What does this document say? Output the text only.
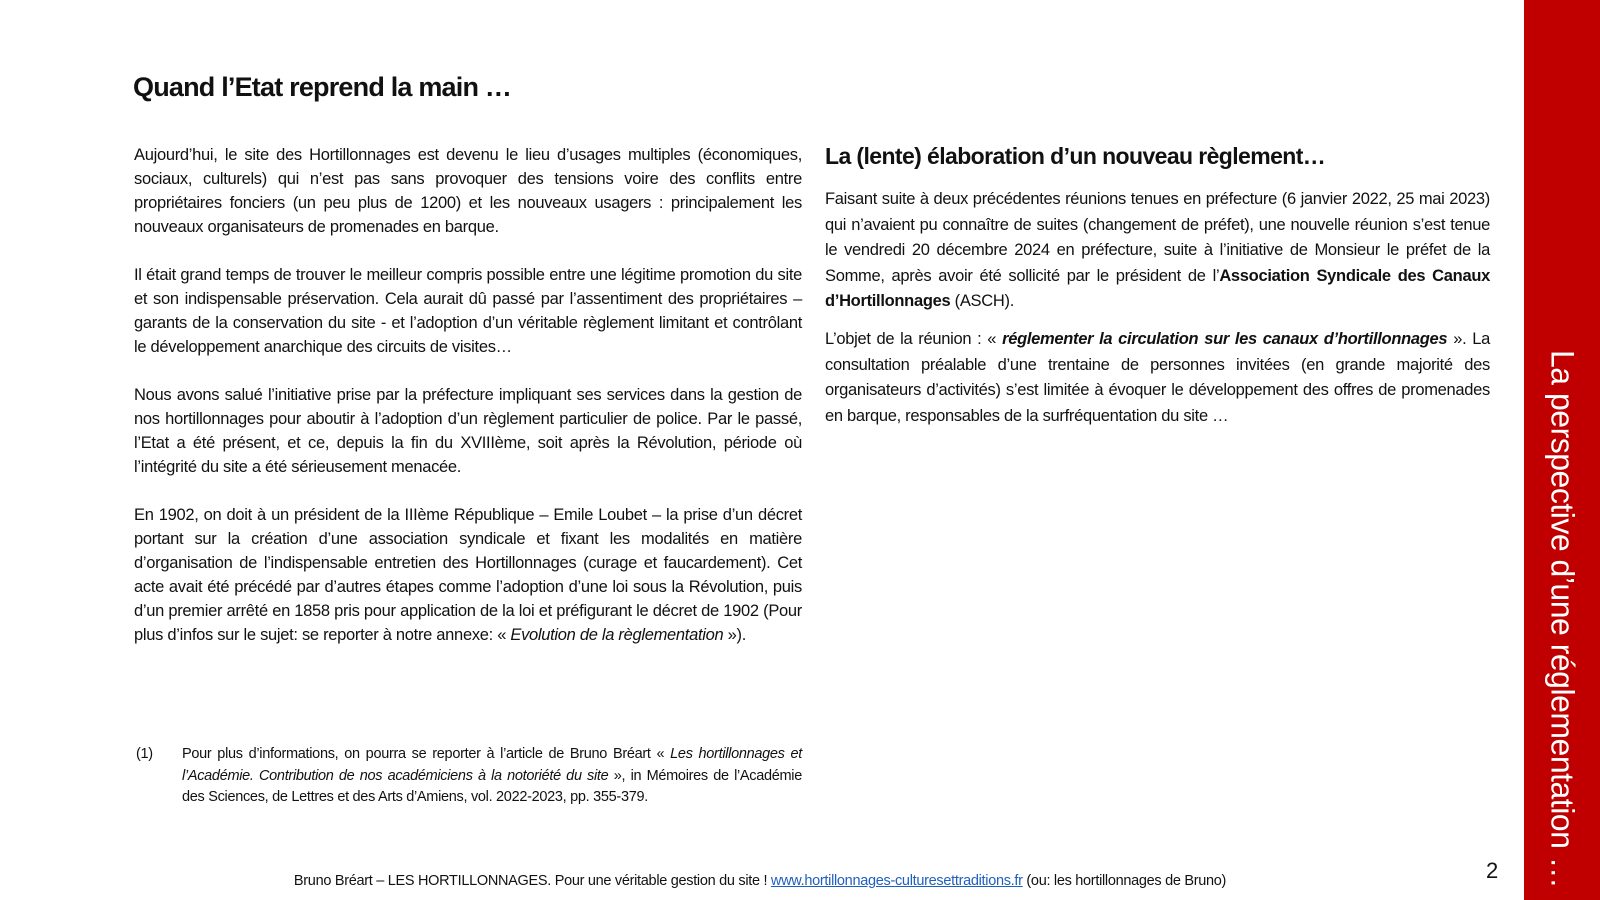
Quand l’Etat reprend la main …

Aujourd’hui, le site des Hortillonnages est devenu le lieu d’usages multiples (économiques, sociaux, culturels) qui n’est pas sans provoquer des tensions voire des conflits entre propriétaires fonciers (un peu plus de 1200) et les nouveaux usagers : principalement les nouveaux organisateurs de promenades en barque.

Il était grand temps de trouver le meilleur compris possible entre une légitime promotion du site et son indispensable préservation. Cela aurait dû passé par l’assentiment des propriétaires – garants de la conservation du site - et l’adoption d’un véritable règlement limitant et contrôlant le développement anarchique des circuits de visites…

Nous avons salué l’initiative prise par la préfecture impliquant ses services dans la gestion de nos hortillonnages pour aboutir à l’adoption d’un règlement particulier de police. Par le passé, l’Etat a été présent, et ce, depuis la fin du XVIIIème, soit après la Révolution, période où l’intégrité du site a été sérieusement menacée.

En 1902, on doit à un président de la IIIème République – Emile Loubet – la prise d’un décret portant sur la création d’une association syndicale et fixant les modalités en matière d’organisation de l’indispensable entretien des Hortillonnages (curage et faucardement). Cet acte avait été précédé par d’autres étapes comme l’adoption d’une loi sous la Révolution, puis d’un premier arrêté en 1858 pris pour application de la loi et préfigurant le décret de 1902 (Pour plus d’infos sur le sujet: se reporter à notre annexe: « Evolution de la règlementation »).

La (lente) élaboration d’un nouveau règlement…

Faisant suite à deux précédentes réunions tenues en préfecture (6 janvier 2022, 25 mai 2023) qui n’avaient pu connaître de suites (changement de préfet), une nouvelle réunion s’est tenue le vendredi 20 décembre 2024 en préfecture, suite à l’initiative de Monsieur le préfet de la Somme, après avoir été sollicité par le président de l’Association Syndicale des Canaux d’Hortillonnages (ASCH).

L’objet de la réunion : « réglementer la circulation sur les canaux d’hortillonnages ». La consultation préalable d’une trentaine de personnes invitées (en grande majorité des organisateurs d’activités) s’est limitée à évoquer le développement des offres de promenades en barque, responsables de la surfréquentation du site …

(1) Pour plus d’informations, on pourra se reporter à l’article de Bruno Bréart « Les hortillonnages et l’Académie. Contribution de nos académiciens à la notoriété du site », in Mémoires de l’Académie des Sciences, de Lettres et des Arts d’Amiens, vol. 2022-2023, pp. 355-379.
Bruno Bréart – LES HORTILLONNAGES. Pour une véritable gestion du site ! www.hortillonnages-culturesettraditions.fr (ou: les hortillonnages de Bruno)	2	La perspective d’une réglementation …
